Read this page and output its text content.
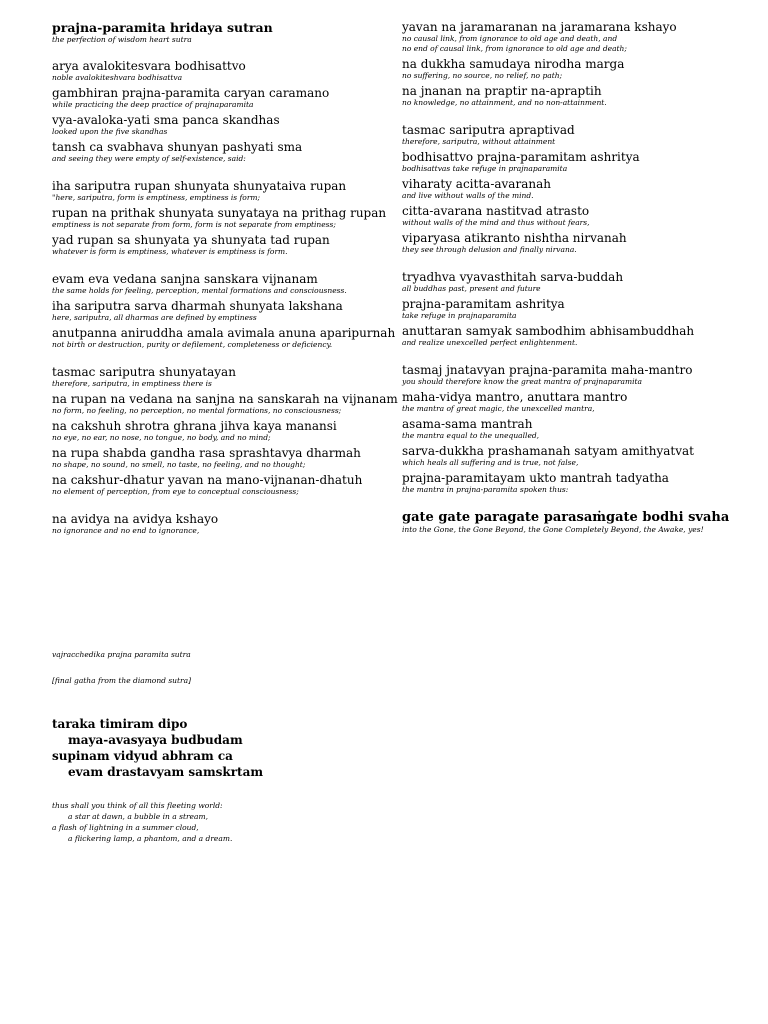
prajna-paramita hridaya sutran

the perfection of wisdom heart sutra

arya avalokitesvara bodhisattvo

noble avalokiteshvara bodhisattva

gambhiran prajna-paramita caryan caramano

while practicing the deep practice of prajnaparamita

vya-avaloka-yati sma panca skandhas

looked upon the five skandhas

tansh ca svabhava shunyan pashyati sma

and seeing they were empty of self-existence, said:

iha sariputra rupan shunyata shunyataiva rupan

"here, sariputra, form is emptiness, emptiness is form;

rupan na prithak shunyata sunyataya na prithag rupan

emptiness is not separate from form, form is not separate from emptiness;

yad rupan sa shunyata ya shunyata tad rupan

whatever is form is emptiness, whatever is emptiness is form.

evam eva vedana sanjna sanskara vijnanam

the same holds for feeling, perception, mental formations and consciousness.

iha sariputra sarva dharmah shunyata lakshana

here, sariputra, all dharmas are defined by emptiness

anutpanna aniruddha amala avimala anuna aparipurnah

not birth or destruction, purity or defilement, completeness or deficiency.

tasmac sariputra shunyatayan

therefore, sariputra, in emptiness there is

na rupan na vedana na sanjna na sanskarah na vijnanam

no form, no feeling, no perception, no mental formations, no consciousness;

na cakshuh shrotra ghrana jihva kaya manansi

no eye, no ear, no nose, no tongue, no body, and no mind;

na rupa shabda gandha rasa sprashtavya dharmah

no shape, no sound, no smell, no taste, no feeling, and no thought;

na cakshur-dhatur yavan na mano-vijnanan-dhatuh

no element of perception, from eye to conceptual consciousness;

na avidya na avidya kshayo

no ignorance and no end to ignorance,

yavan na jaramaranan na jaramarana kshayo

no causal link, from ignorance to old age and death, and

no end of causal link, from ignorance to old age and death;

na dukkha samudaya nirodha marga

no suffering, no source, no relief, no path;

na jnanan na praptir na-apraptih

no knowledge, no attainment, and no non-attainment.

tasmac sariputra apraptivad

therefore, sariputra, without attainment

bodhisattvo prajna-paramitam ashritya

bodhisattvas take refuge in prajnaparamita

viharaty acitta-avaranah

and live without walls of the mind.

citta-avarana nastitvad atrasto

without walls of the mind and thus without fears,

viparyasa atikranto nishtha nirvanah

they see through delusion and finally nirvana.

tryadhva vyavasthitah sarva-buddah

all buddhas past, present and future

prajna-paramitam ashritya

take refuge in prajnaparamita

anuttaran samyak sambodhim abhisambuddhah

and realize unexcelled perfect enlightenment.

tasmaj jnatavyan prajna-paramita maha-mantro

you should therefore know the great mantra of prajnaparamita

maha-vidya mantro, anuttara mantro

the mantra of great magic, the unexcelled mantra,

asama-sama mantrah

the mantra equal to the unequalled,

sarva-dukkha prashamanah satyam amithyatvat

which heals all suffering and is true, not false,

prajna-paramitayam ukto mantrah tadyatha

the mantra in prajna-paramita spoken thus:

gate gate paragate parasaṁgate bodhi svaha

into the Gone, the Gone Beyond, the Gone Completely Beyond, the Awake, yes!

vajracchedika prajna paramita sutra

[final gatha from the diamond sutra]

taraka timiram dipo

maya-avasyaya budbudam

supinam vidyud abhram ca

evam drastavyam samskrtam

thus shall you think of all this fleeting world:

a star at dawn, a bubble in a stream,

a flash of lightning in a summer cloud,

a flickering lamp, a phantom, and a dream.
